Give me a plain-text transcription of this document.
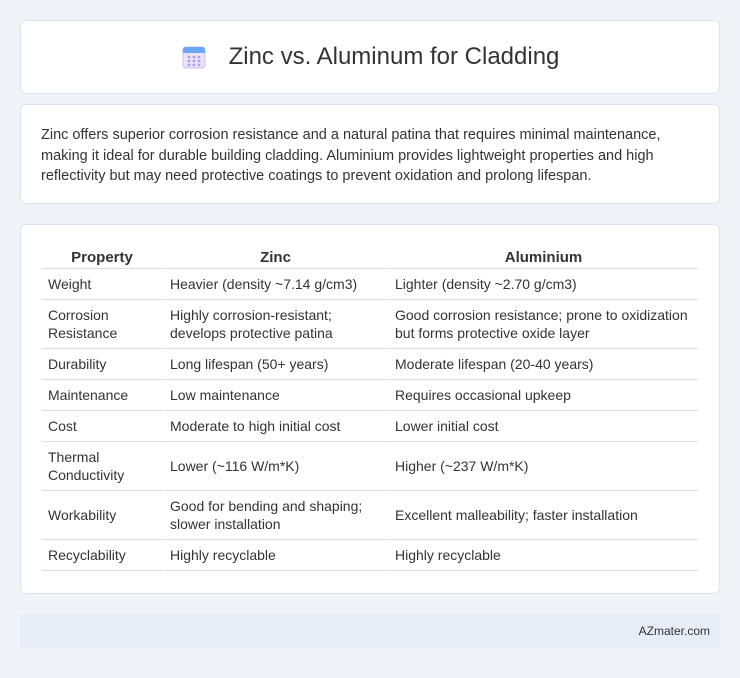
Zinc vs. Aluminum for Cladding

Zinc offers superior corrosion resistance and a natural patina that requires minimal maintenance, making it ideal for durable building cladding. Aluminium provides lightweight properties and high reflectivity but may need protective coatings to prevent oxidation and prolong lifespan.

Property	Zinc	Aluminium
Weight	Heavier (density ~7.14 g/cm3)	Lighter (density ~2.70 g/cm3)
Corrosion Resistance	Highly corrosion-resistant; develops protective patina	Good corrosion resistance; prone to oxidization but forms protective oxide layer
Durability	Long lifespan (50+ years)	Moderate lifespan (20-40 years)
Maintenance	Low maintenance	Requires occasional upkeep
Cost	Moderate to high initial cost	Lower initial cost
Thermal Conductivity	Lower (~116 W/m*K)	Higher (~237 W/m*K)
Workability	Good for bending and shaping; slower installation	Excellent malleability; faster installation
Recyclability	Highly recyclable	Highly recyclable
AZmater.com
